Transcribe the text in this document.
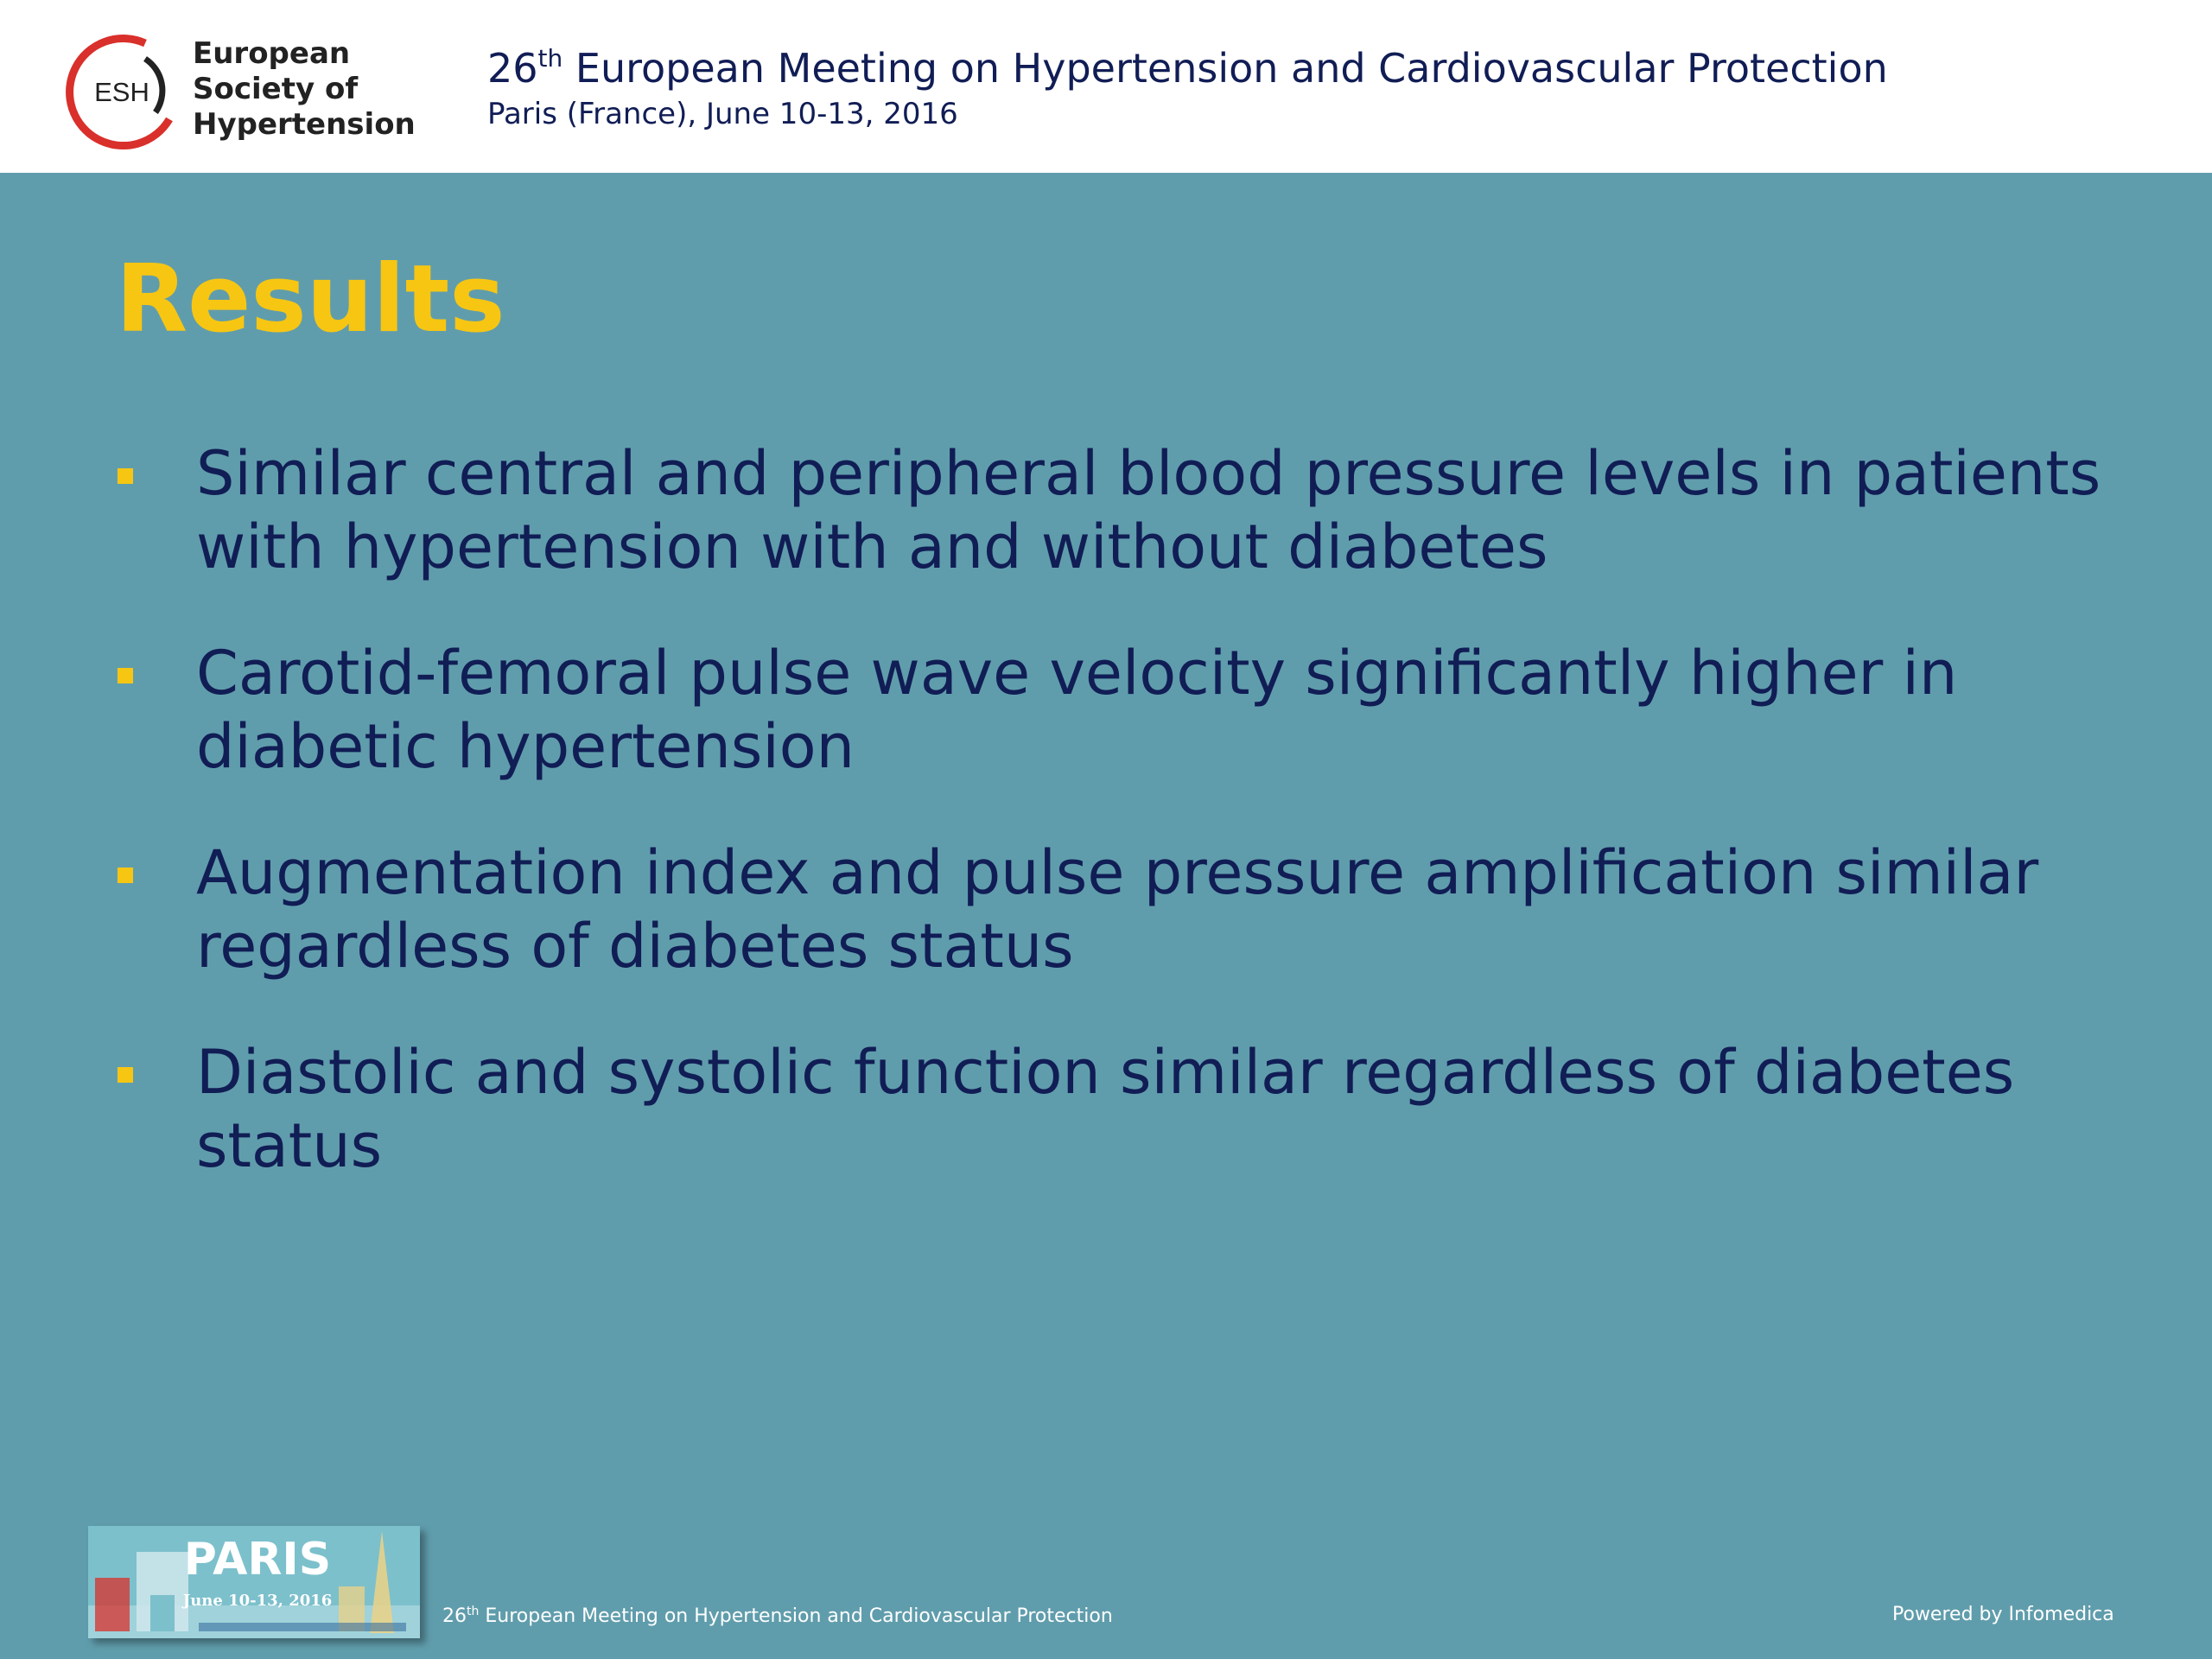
ESH
European
Society of
Hypertension
26th European Meeting on Hypertension and Cardiovascular Protection
Paris (France), June 10-13, 2016
Results
Similar central and peripheral blood pressure levels in patients with hypertension with and without diabetes
Carotid-femoral pulse wave velocity significantly higher in diabetic hypertension
Augmentation index and pulse pressure amplification similar regardless of diabetes status
Diastolic and systolic function similar regardless of diabetes status
PARIS
June 10-13, 2016
26th European Meeting on Hypertension and Cardiovascular Protection	Powered by Infomedica
